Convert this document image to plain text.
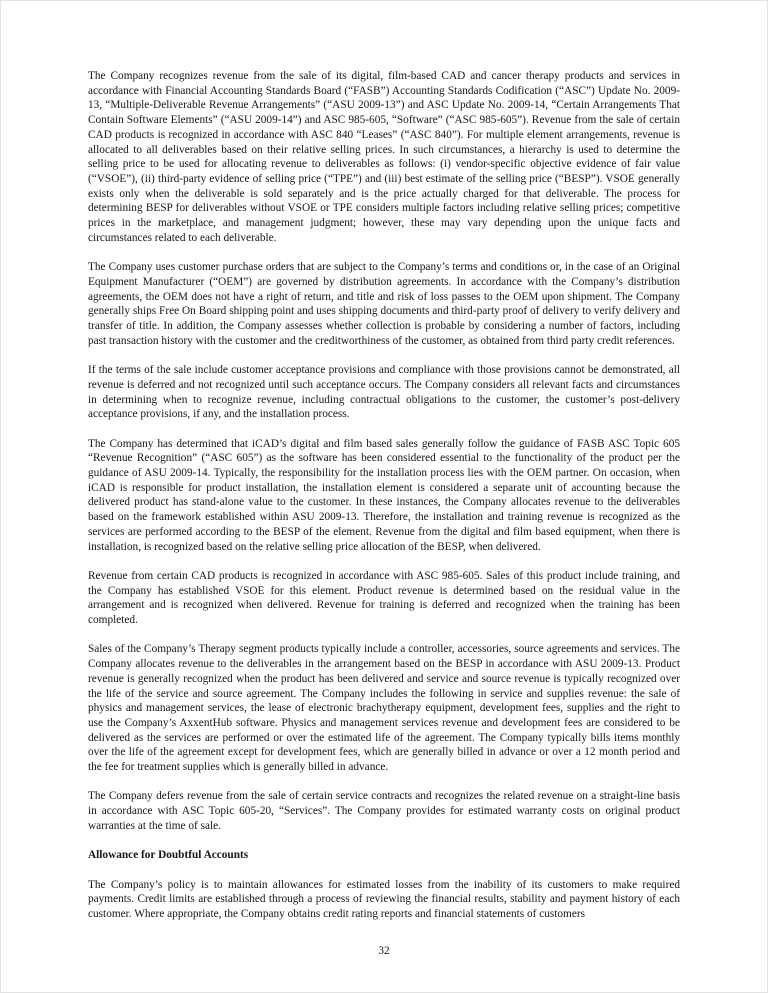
The Company recognizes revenue from the sale of its digital, film-based CAD and cancer therapy products and services in accordance with Financial Accounting Standards Board (“FASB”) Accounting Standards Codification (“ASC”) Update No. 2009-13, “Multiple-Deliverable Revenue Arrangements” (“ASU 2009-13”) and ASC Update No. 2009-14, “Certain Arrangements That Contain Software Elements” (“ASU 2009-14”) and ASC 985-605, “Software” (“ASC 985-605”). Revenue from the sale of certain CAD products is recognized in accordance with ASC 840 “Leases” (“ASC 840”). For multiple element arrangements, revenue is allocated to all deliverables based on their relative selling prices. In such circumstances, a hierarchy is used to determine the selling price to be used for allocating revenue to deliverables as follows: (i) vendor-specific objective evidence of fair value (“VSOE”), (ii) third-party evidence of selling price (“TPE”) and (iii) best estimate of the selling price (“BESP”). VSOE generally exists only when the deliverable is sold separately and is the price actually charged for that deliverable. The process for determining BESP for deliverables without VSOE or TPE considers multiple factors including relative selling prices; competitive prices in the marketplace, and management judgment; however, these may vary depending upon the unique facts and circumstances related to each deliverable.

The Company uses customer purchase orders that are subject to the Company’s terms and conditions or, in the case of an Original Equipment Manufacturer (“OEM”) are governed by distribution agreements. In accordance with the Company’s distribution agreements, the OEM does not have a right of return, and title and risk of loss passes to the OEM upon shipment. The Company generally ships Free On Board shipping point and uses shipping documents and third-party proof of delivery to verify delivery and transfer of title. In addition, the Company assesses whether collection is probable by considering a number of factors, including past transaction history with the customer and the creditworthiness of the customer, as obtained from third party credit references.

If the terms of the sale include customer acceptance provisions and compliance with those provisions cannot be demonstrated, all revenue is deferred and not recognized until such acceptance occurs. The Company considers all relevant facts and circumstances in determining when to recognize revenue, including contractual obligations to the customer, the customer’s post-delivery acceptance provisions, if any, and the installation process.

The Company has determined that iCAD’s digital and film based sales generally follow the guidance of FASB ASC Topic 605 “Revenue Recognition” (“ASC 605”) as the software has been considered essential to the functionality of the product per the guidance of ASU 2009-14. Typically, the responsibility for the installation process lies with the OEM partner. On occasion, when iCAD is responsible for product installation, the installation element is considered a separate unit of accounting because the delivered product has stand-alone value to the customer. In these instances, the Company allocates revenue to the deliverables based on the framework established within ASU 2009-13. Therefore, the installation and training revenue is recognized as the services are performed according to the BESP of the element. Revenue from the digital and film based equipment, when there is installation, is recognized based on the relative selling price allocation of the BESP, when delivered.

Revenue from certain CAD products is recognized in accordance with ASC 985-605. Sales of this product include training, and the Company has established VSOE for this element. Product revenue is determined based on the residual value in the arrangement and is recognized when delivered. Revenue for training is deferred and recognized when the training has been completed.

Sales of the Company’s Therapy segment products typically include a controller, accessories, source agreements and services. The Company allocates revenue to the deliverables in the arrangement based on the BESP in accordance with ASU 2009-13. Product revenue is generally recognized when the product has been delivered and service and source revenue is typically recognized over the life of the service and source agreement. The Company includes the following in service and supplies revenue: the sale of physics and management services, the lease of electronic brachytherapy equipment, development fees, supplies and the right to use the Company’s AxxentHub software. Physics and management services revenue and development fees are considered to be delivered as the services are performed or over the estimated life of the agreement. The Company typically bills items monthly over the life of the agreement except for development fees, which are generally billed in advance or over a 12 month period and the fee for treatment supplies which is generally billed in advance.

The Company defers revenue from the sale of certain service contracts and recognizes the related revenue on a straight-line basis in accordance with ASC Topic 605-20, “Services”. The Company provides for estimated warranty costs on original product warranties at the time of sale.

Allowance for Doubtful Accounts

The Company’s policy is to maintain allowances for estimated losses from the inability of its customers to make required payments. Credit limits are established through a process of reviewing the financial results, stability and payment history of each customer. Where appropriate, the Company obtains credit rating reports and financial statements of customers

32
